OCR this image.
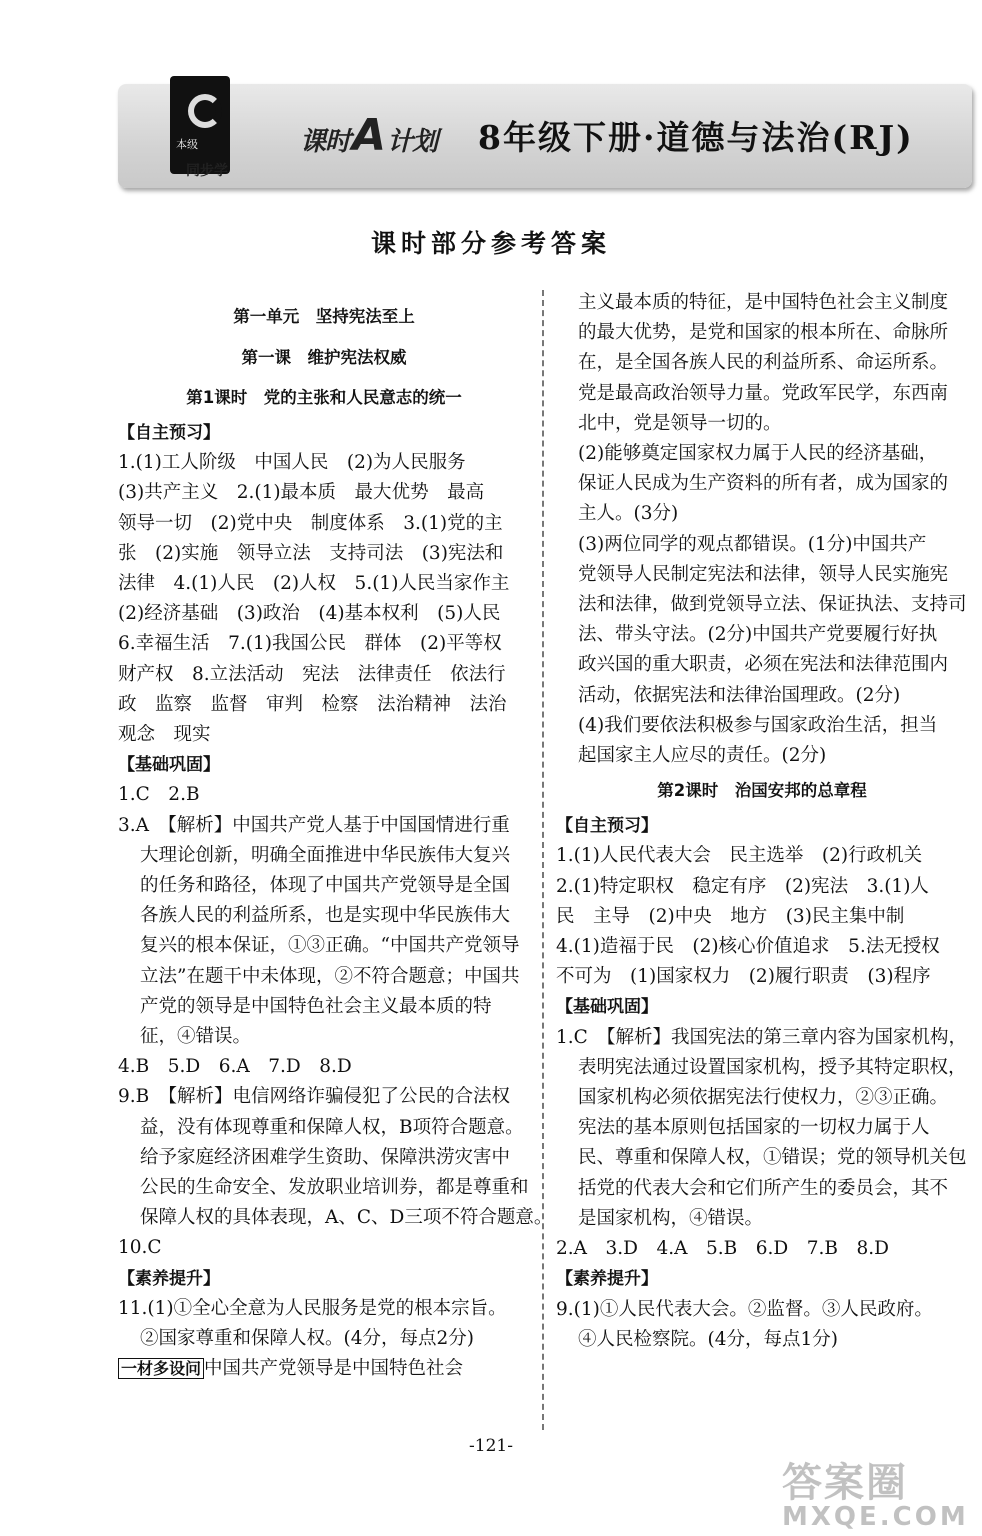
本级
同步学
课时A计划 8年级下册·道德与法治(RJ)
课时部分参考答案
第一单元　坚持宪法至上
第一课　维护宪法权威
第1课时　党的主张和人民意志的统一
【自主预习】
1.(1)工人阶级　中国人民　(2)为人民服务
(3)共产主义　2.(1)最本质　最大优势　最高
领导一切　(2)党中央　制度体系　3.(1)党的主
张　(2)实施　领导立法　支持司法　(3)宪法和
法律　4.(1)人民　(2)人权　5.(1)人民当家作主
(2)经济基础　(3)政治　(4)基本权利　(5)人民
6.幸福生活　7.(1)我国公民　群体　(2)平等权
财产权　8.立法活动　宪法　法律责任　依法行
政　监察　监督　审判　检察　法治精神　法治
观念　现实
【基础巩固】
1.C　2.B
3.A　【解析】中国共产党人基于中国国情进行重
大理论创新，明确全面推进中华民族伟大复兴
的任务和路径，体现了中国共产党领导是全国
各族人民的利益所系，也是实现中华民族伟大
复兴的根本保证，①③正确。“中国共产党领导
立法”在题干中未体现，②不符合题意；中国共
产党的领导是中国特色社会主义最本质的特
征，④错误。
4.B　5.D　6.A　7.D　8.D
9.B　【解析】电信网络诈骗侵犯了公民的合法权
益，没有体现尊重和保障人权，B项符合题意。
给予家庭经济困难学生资助、保障洪涝灾害中
公民的生命安全、发放职业培训券，都是尊重和
保障人权的具体表现，A、C、D三项不符合题意。
10.C
【素养提升】
11.(1)①全心全意为人民服务是党的根本宗旨。
②国家尊重和保障人权。(4分，每点2分)
一材多设问 中国共产党领导是中国特色社会
主义最本质的特征，是中国特色社会主义制度
的最大优势，是党和国家的根本所在、命脉所
在，是全国各族人民的利益所系、命运所系。
党是最高政治领导力量。党政军民学，东西南
北中，党是领导一切的。
(2)能够奠定国家权力属于人民的经济基础，
保证人民成为生产资料的所有者，成为国家的
主人。(3分)
(3)两位同学的观点都错误。(1分)中国共产
党领导人民制定宪法和法律，领导人民实施宪
法和法律，做到党领导立法、保证执法、支持司
法、带头守法。(2分)中国共产党要履行好执
政兴国的重大职责，必须在宪法和法律范围内
活动，依据宪法和法律治国理政。(2分)
(4)我们要依法积极参与国家政治生活，担当
起国家主人应尽的责任。(2分)
第2课时　治国安邦的总章程
【自主预习】
1.(1)人民代表大会　民主选举　(2)行政机关
2.(1)特定职权　稳定有序　(2)宪法　3.(1)人
民　主导　(2)中央　地方　(3)民主集中制
4.(1)造福于民　(2)核心价值追求　5.法无授权
不可为　(1)国家权力　(2)履行职责　(3)程序
【基础巩固】
1.C　【解析】我国宪法的第三章内容为国家机构，
表明宪法通过设置国家机构，授予其特定职权，
国家机构必须依据宪法行使权力，②③正确。
宪法的基本原则包括国家的一切权力属于人
民、尊重和保障人权，①错误；党的领导机关包
括党的代表大会和它们所产生的委员会，其不
是国家机构，④错误。
2.A　3.D　4.A　5.B　6.D　7.B　8.D
【素养提升】
9.(1)①人民代表大会。②监督。③人民政府。
④人民检察院。(4分，每点1分)
-121-
答案圈
MXQE.COM
